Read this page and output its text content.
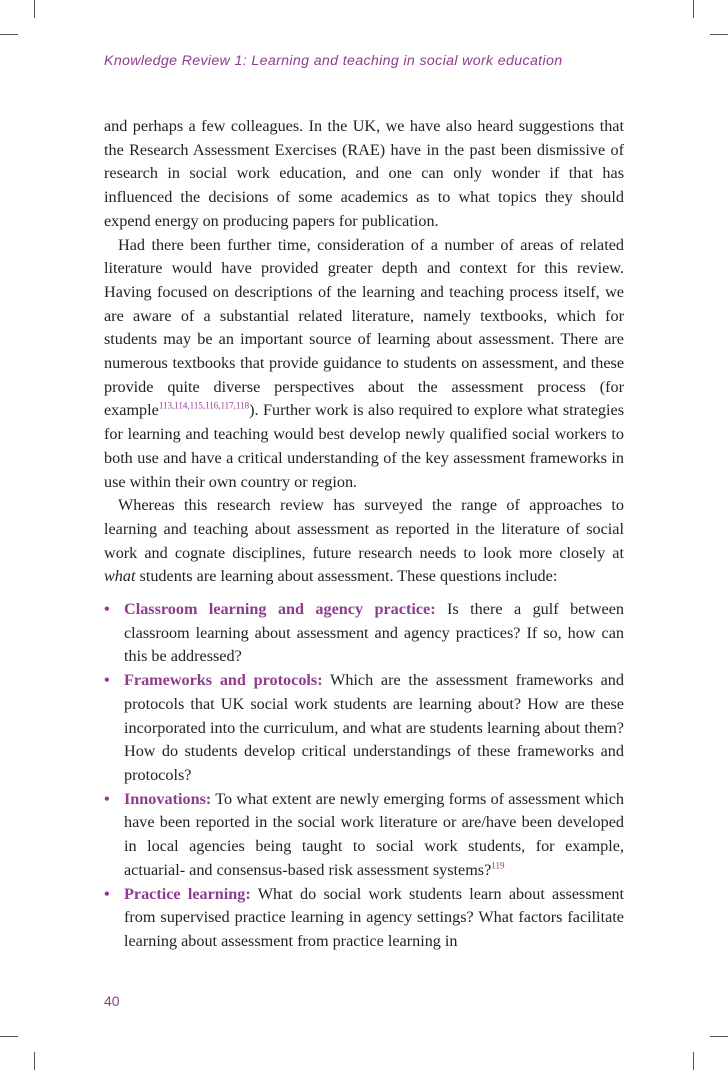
Knowledge Review 1: Learning and teaching in social work education

and perhaps a few colleagues. In the UK, we have also heard suggestions that the Research Assessment Exercises (RAE) have in the past been dismissive of research in social work education, and one can only wonder if that has influenced the decisions of some academics as to what topics they should expend energy on producing papers for publication.

Had there been further time, consideration of a number of areas of related literature would have provided greater depth and context for this review. Having focused on descriptions of the learning and teaching process itself, we are aware of a substantial related literature, namely textbooks, which for students may be an important source of learning about assessment. There are numerous textbooks that provide guidance to students on assessment, and these provide quite diverse perspectives about the assessment process (for example$^{113,114,115,116,117,118}$). Further work is also required to explore what strategies for learning and teaching would best develop newly qualified social workers to both use and have a critical understanding of the key assessment frameworks in use within their own country or region.

Whereas this research review has surveyed the range of approaches to learning and teaching about assessment as reported in the literature of social work and cognate disciplines, future research needs to look more closely at what students are learning about assessment. These questions include:

• Classroom learning and agency practice: Is there a gulf between classroom learning about assessment and agency practices? If so, how can this be addressed?
• Frameworks and protocols: Which are the assessment frameworks and protocols that UK social work students are learning about? How are these incorporated into the curriculum, and what are students learning about them? How do students develop critical understandings of these frameworks and protocols?
• Innovations: To what extent are newly emerging forms of assessment which have been reported in the social work literature or are/have been developed in local agencies being taught to social work students, for example, actuarial- and consensus-based risk assessment systems?$^{119}$
• Practice learning: What do social work students learn about assessment from supervised practice learning in agency settings? What factors facilitate learning about assessment from practice learning in
40
